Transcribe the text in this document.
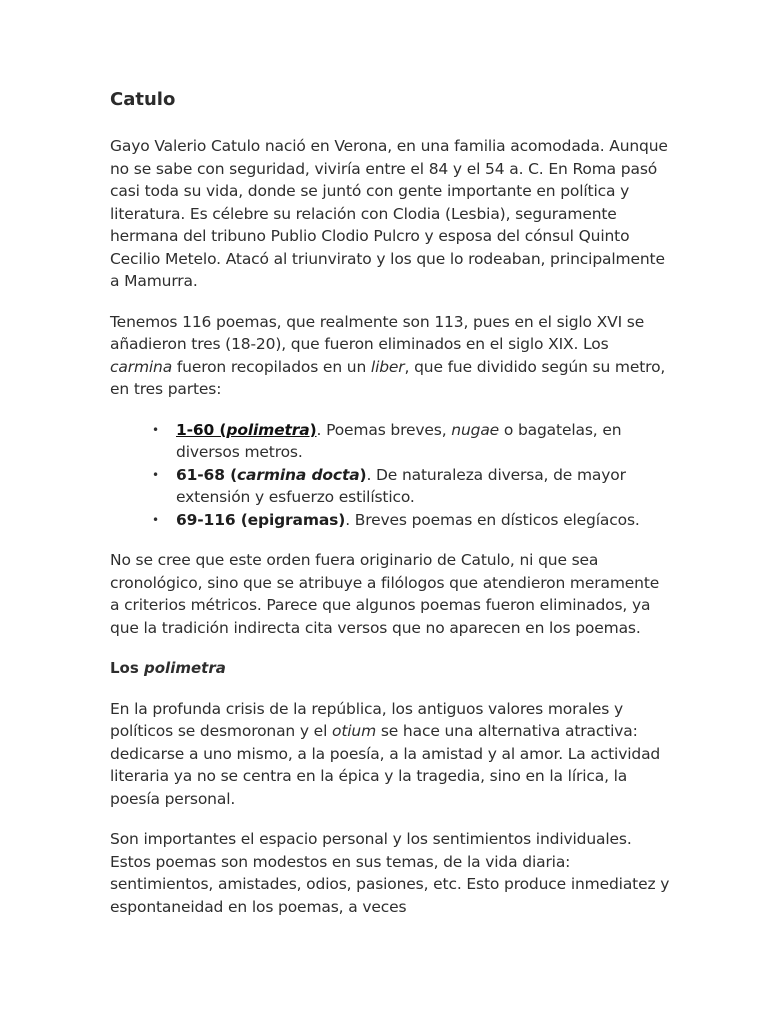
Catulo

Gayo Valerio Catulo nació en Verona, en una familia acomodada. Aunque no se sabe con seguridad, viviría entre el 84 y el 54 a. C. En Roma pasó casi toda su vida, donde se juntó con gente importante en política y literatura. Es célebre su relación con Clodia (Lesbia), seguramente hermana del tribuno Publio Clodio Pulcro y esposa del cónsul Quinto Cecilio Metelo. Atacó al triunvirato y los que lo rodeaban, principalmente a Mamurra.

Tenemos 116 poemas, que realmente son 113, pues en el siglo XVI se añadieron tres (18-20), que fueron eliminados en el siglo XIX. Los carmina fueron recopilados en un liber, que fue dividido según su metro, en tres partes:

• 1-60 (polimetra). Poemas breves, nugae o bagatelas, en diversos metros.
• 61-68 (carmina docta). De naturaleza diversa, de mayor extensión y esfuerzo estilístico.
• 69-116 (epigramas). Breves poemas en dísticos elegíacos.

No se cree que este orden fuera originario de Catulo, ni que sea cronológico, sino que se atribuye a filólogos que atendieron meramente a criterios métricos. Parece que algunos poemas fueron eliminados, ya que la tradición indirecta cita versos que no aparecen en los poemas.

Los polimetra

En la profunda crisis de la república, los antiguos valores morales y políticos se desmoronan y el otium se hace una alternativa atractiva: dedicarse a uno mismo, a la poesía, a la amistad y al amor. La actividad literaria ya no se centra en la épica y la tragedia, sino en la lírica, la poesía personal.

Son importantes el espacio personal y los sentimientos individuales. Estos poemas son modestos en sus temas, de la vida diaria: sentimientos, amistades, odios, pasiones, etc. Esto produce inmediatez y espontaneidad en los poemas, a veces
